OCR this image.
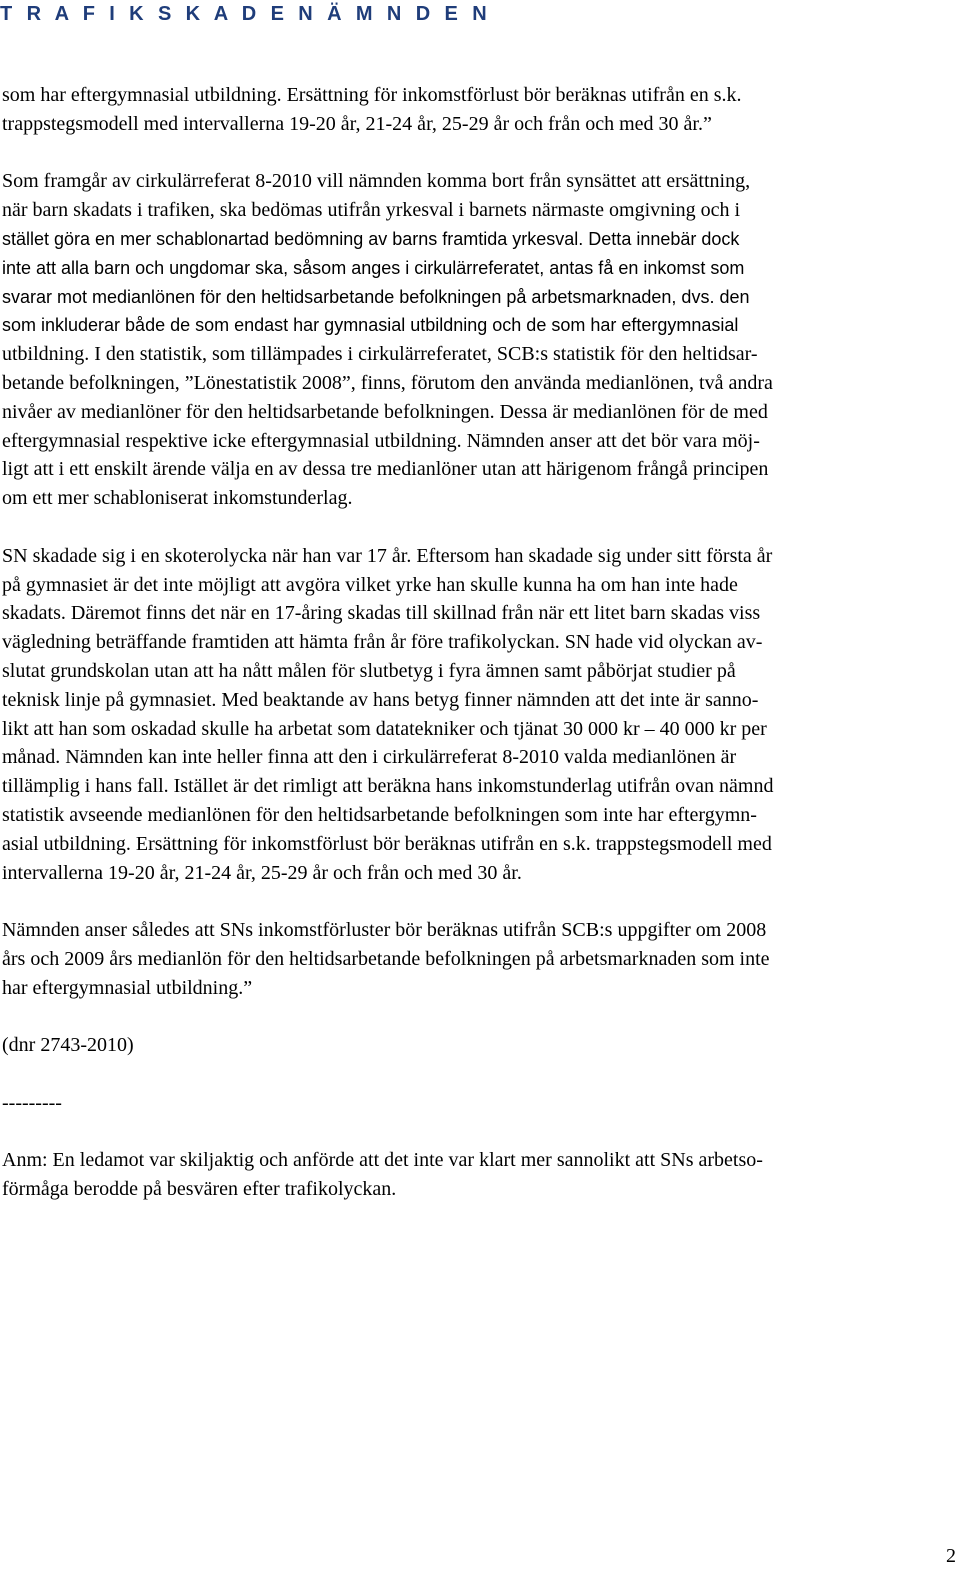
T R A F I K S K A D E N Ä M N D E N
som har eftergymnasial utbildning. Ersättning för inkomstförlust bör beräknas utifrån en s.k.
trappstegsmodell med intervallerna 19-20 år, 21-24 år, 25-29 år och från och med 30 år.”
Som framgår av cirkulärreferat 8-2010 vill nämnden komma bort från synsättet att ersättning,
när barn skadats i trafiken, ska bedömas utifrån yrkesval i barnets närmaste omgivning och i
stället göra en mer schablonartad bedömning av barns framtida yrkesval. Detta innebär dock
inte att alla barn och ungdomar ska, såsom anges i cirkulärreferatet, antas få en inkomst som
svarar mot medianlönen för den heltidsarbetande befolkningen på arbetsmarknaden, dvs. den
som inkluderar både de som endast har gymnasial utbildning och de som har eftergymnasial
utbildning. I den statistik, som tillämpades i cirkulärreferatet, SCB:s statistik för den heltidsar-
betande befolkningen, ”Lönestatistik 2008”, finns, förutom den använda medianlönen, två andra
nivåer av medianlöner för den heltidsarbetande befolkningen. Dessa är medianlönen för de med
eftergymnasial respektive icke eftergymnasial utbildning. Nämnden anser att det bör vara möj-
ligt att i ett enskilt ärende välja en av dessa tre medianlöner utan att härigenom frångå principen
om ett mer schabloniserat inkomstunderlag.
SN skadade sig i en skoterolycka när han var 17 år. Eftersom han skadade sig under sitt första år
på gymnasiet är det inte möjligt att avgöra vilket yrke han skulle kunna ha om han inte hade
skadats. Däremot finns det när en 17-åring skadas till skillnad från när ett litet barn skadas viss
vägledning beträffande framtiden att hämta från år före trafikolyckan. SN hade vid olyckan av-
slutat grundskolan utan att ha nått målen för slutbetyg i fyra ämnen samt påbörjat studier på
teknisk linje på gymnasiet. Med beaktande av hans betyg finner nämnden att det inte är sanno-
likt att han som oskadad skulle ha arbetat som datatekniker och tjänat 30 000 kr – 40 000 kr per
månad. Nämnden kan inte heller finna att den i cirkulärreferat 8-2010 valda medianlönen är
tillämplig i hans fall. Istället är det rimligt att beräkna hans inkomstunderlag utifrån ovan nämnd
statistik avseende medianlönen för den heltidsarbetande befolkningen som inte har eftergymn-
asial utbildning. Ersättning för inkomstförlust bör beräknas utifrån en s.k. trappstegsmodell med
intervallerna 19-20 år, 21-24 år, 25-29 år och från och med 30 år.
Nämnden anser således att SNs inkomstförluster bör beräknas utifrån SCB:s uppgifter om 2008
års och 2009 års medianlön för den heltidsarbetande befolkningen på arbetsmarknaden som inte
har eftergymnasial utbildning.”
(dnr 2743-2010)
---------
Anm: En ledamot var skiljaktig och anförde att det inte var klart mer sannolikt att SNs arbetso-
förmåga berodde på besvären efter trafikolyckan.
2
